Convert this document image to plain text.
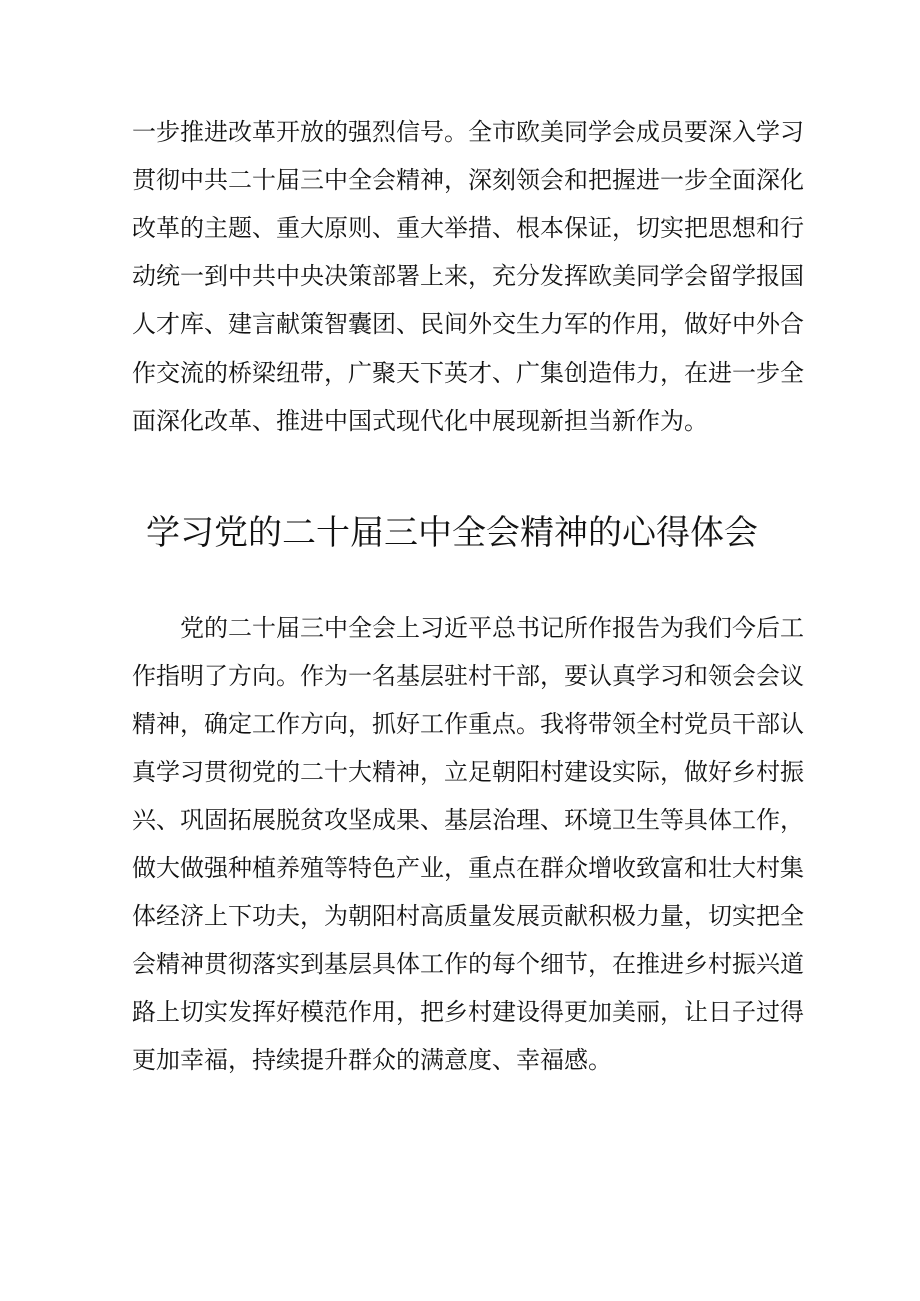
一步推进改革开放的强烈信号。全市欧美同学会成员要深入学习

贯彻中共二十届三中全会精神，深刻领会和把握进一步全面深化

改革的主题、重大原则、重大举措、根本保证，切实把思想和行

动统一到中共中央决策部署上来，充分发挥欧美同学会留学报国

人才库、建言献策智囊团、民间外交生力军的作用，做好中外合

作交流的桥梁纽带，广聚天下英才、广集创造伟力，在进一步全

面深化改革、推进中国式现代化中展现新担当新作为。

学习党的二十届三中全会精神的心得体会

党的二十届三中全会上习近平总书记所作报告为我们今后工

作指明了方向。作为一名基层驻村干部，要认真学习和领会会议

精神，确定工作方向，抓好工作重点。我将带领全村党员干部认

真学习贯彻党的二十大精神，立足朝阳村建设实际，做好乡村振

兴、巩固拓展脱贫攻坚成果、基层治理、环境卫生等具体工作，

做大做强种植养殖等特色产业，重点在群众增收致富和壮大村集

体经济上下功夫，为朝阳村高质量发展贡献积极力量，切实把全

会精神贯彻落实到基层具体工作的每个细节，在推进乡村振兴道

路上切实发挥好模范作用，把乡村建设得更加美丽，让日子过得

更加幸福，持续提升群众的满意度、幸福感。
